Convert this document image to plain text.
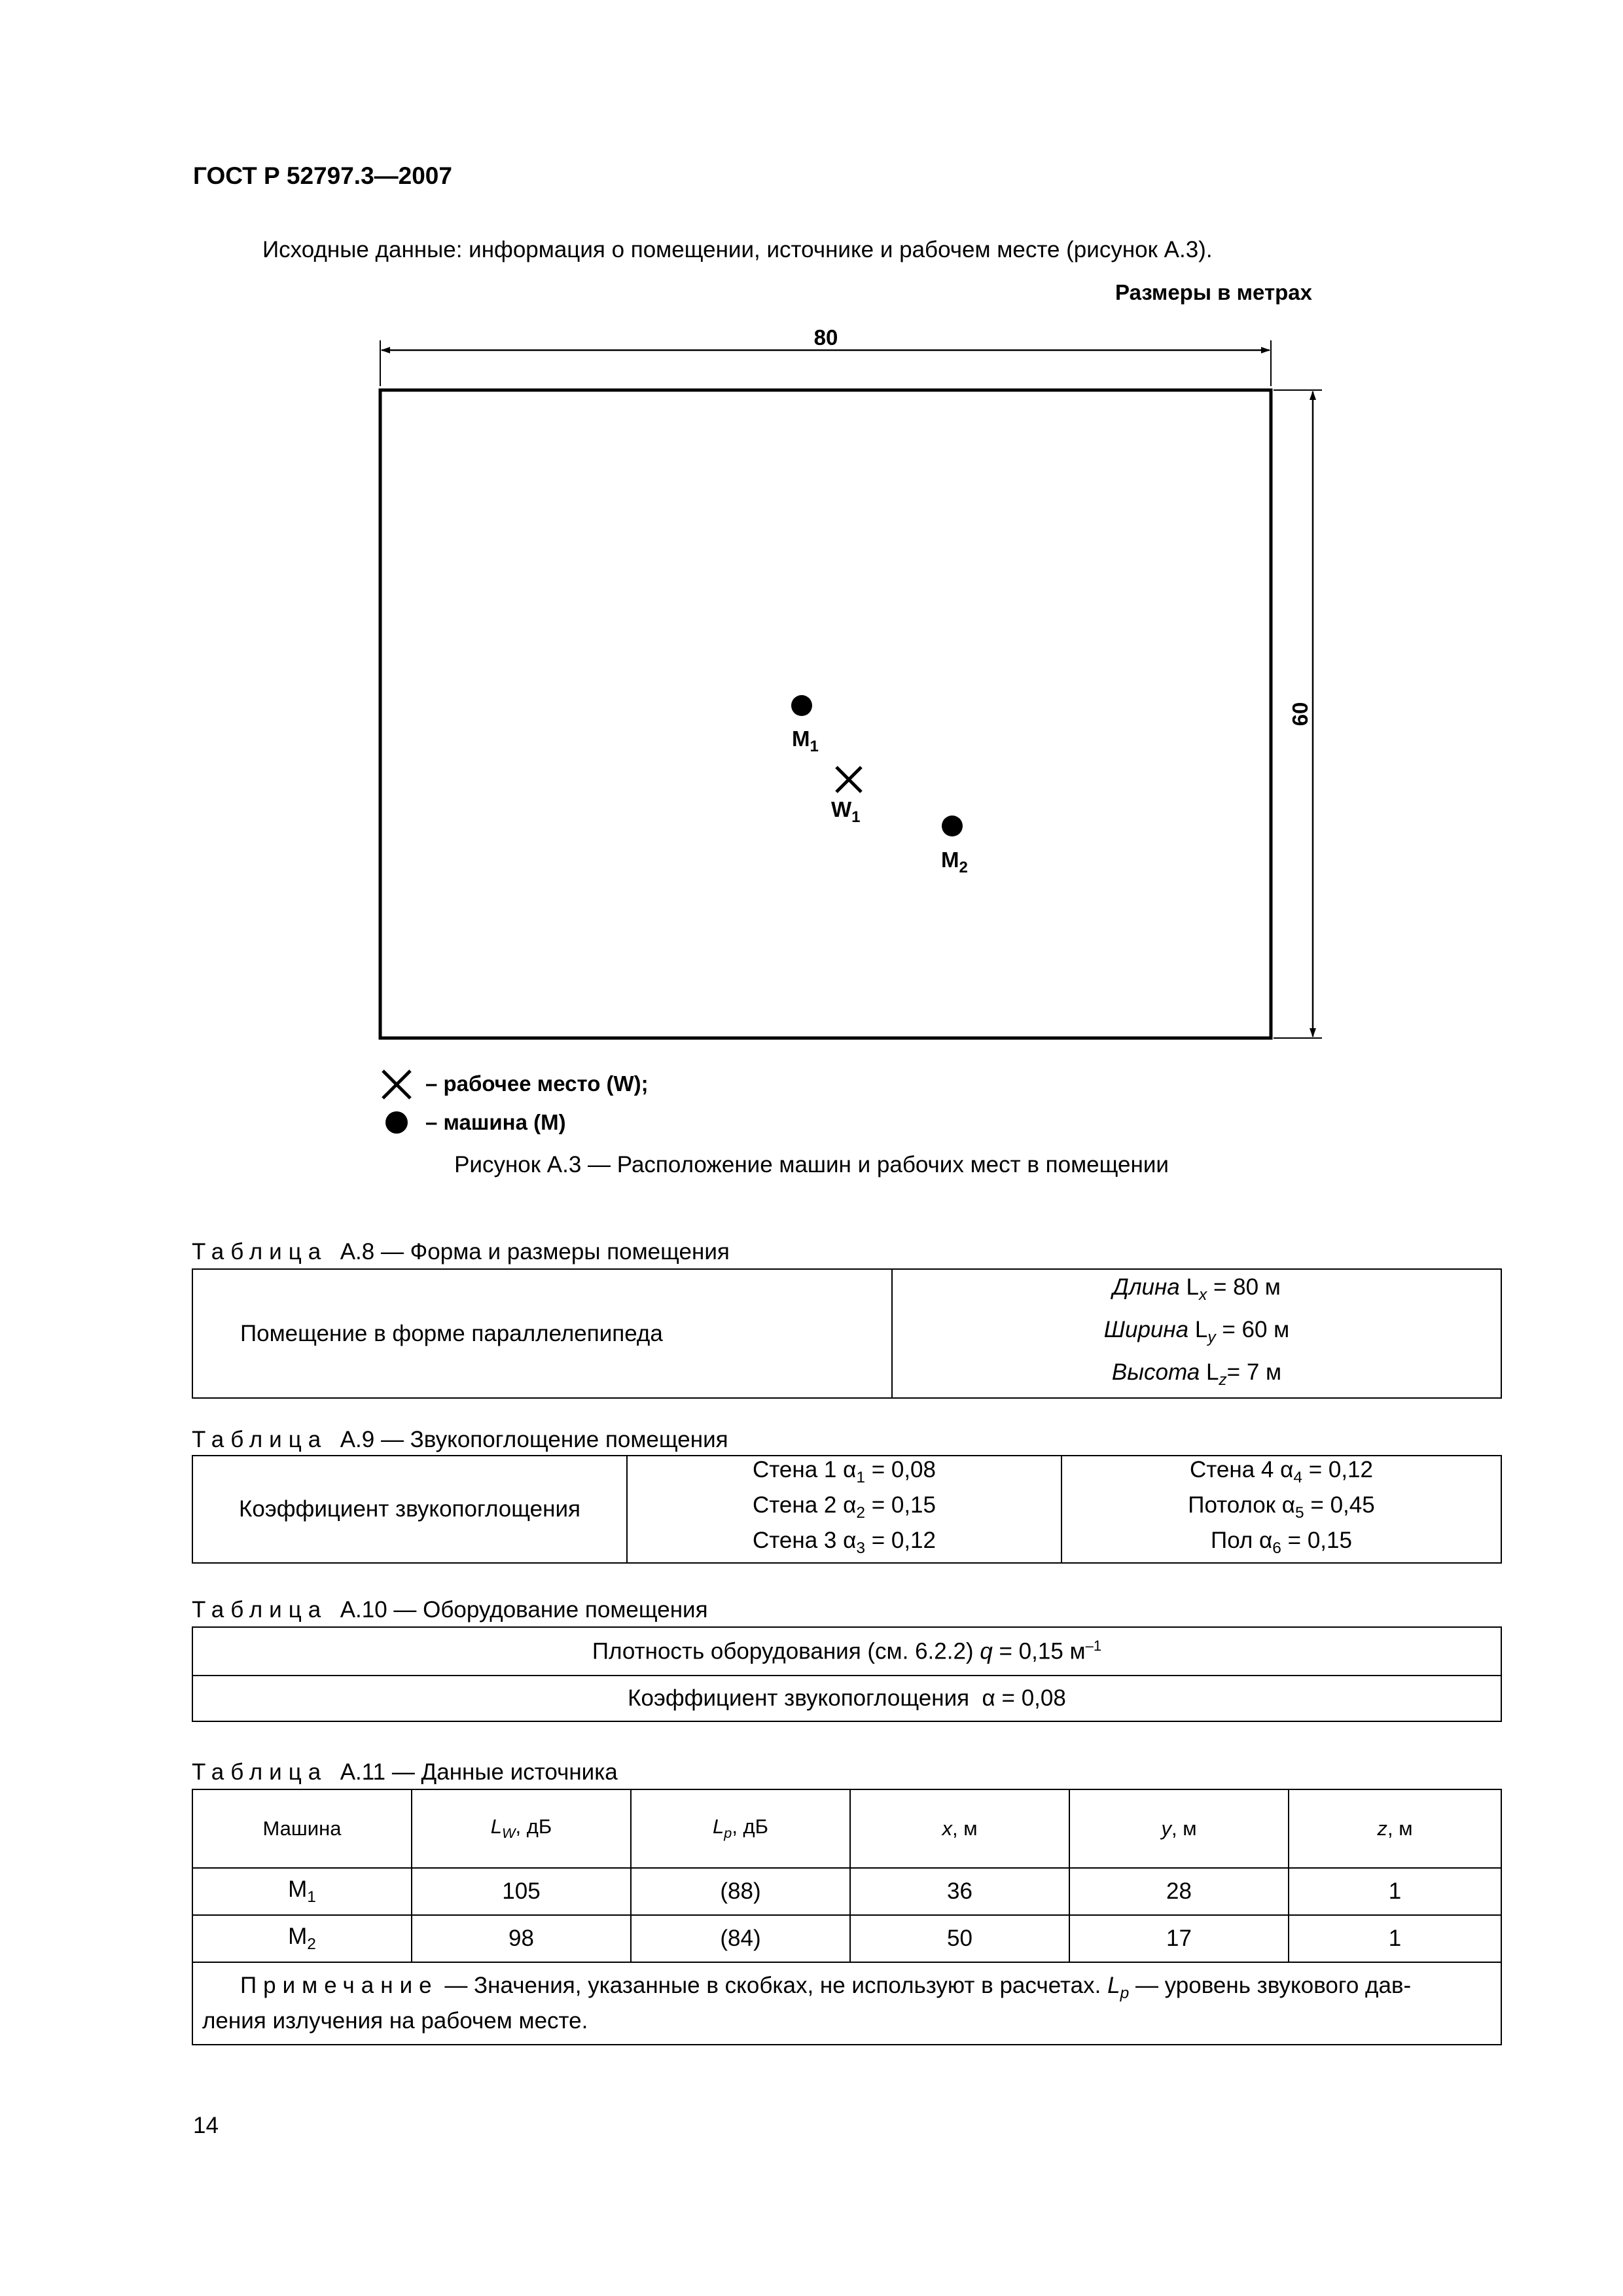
ГОСТ Р 52797.3—2007
Исходные данные: информация о помещении, источнике и рабочем месте (рисунок А.3).
Размеры в метрах
80
60
$M_1$
$W_1$
$M_2$
– рабочее место (W);
– машина (М)
Рисунок А.3 — Расположение машин и рабочих мест в помещении
Таблица А.8 — Форма и размеры помещения
Помещение в форме параллелепипеда	
Длина $L_x = 80$ м
Ширина $L_y = 60$ м
Высота $L_z= 7$ м
Таблица А.9 — Звукопоглощение помещения
Коэффициент звукопоглощения	
Стена 1 $\alpha_1 = 0,08$
Стена 2 $\alpha_2 = 0,15$
Стена 3 $\alpha_3 = 0,12$

Стена 4 $\alpha_4 = 0,12$
Потолок $\alpha_5 = 0,45$
Пол $\alpha_6 = 0,15$
Таблица А.10 — Оборудование помещения
Плотность оборудования (см. 6.2.2) q = 0,15 $м^{-1}$
Коэффициент звукопоглощения  α = 0,08
Таблица А.11 — Данные источника
Машина	$L_W$, дБ	$L_p$, дБ	x, м	y, м	z, м
$M_1$	105	(88)	36	28	1
$M_2$	98	(84)	50	17	1
Примечание — Значения, указанные в скобках, не используют в расчетах. $L_p$ — уровень звукового дав-
ления излучения на рабочем месте.					
14
